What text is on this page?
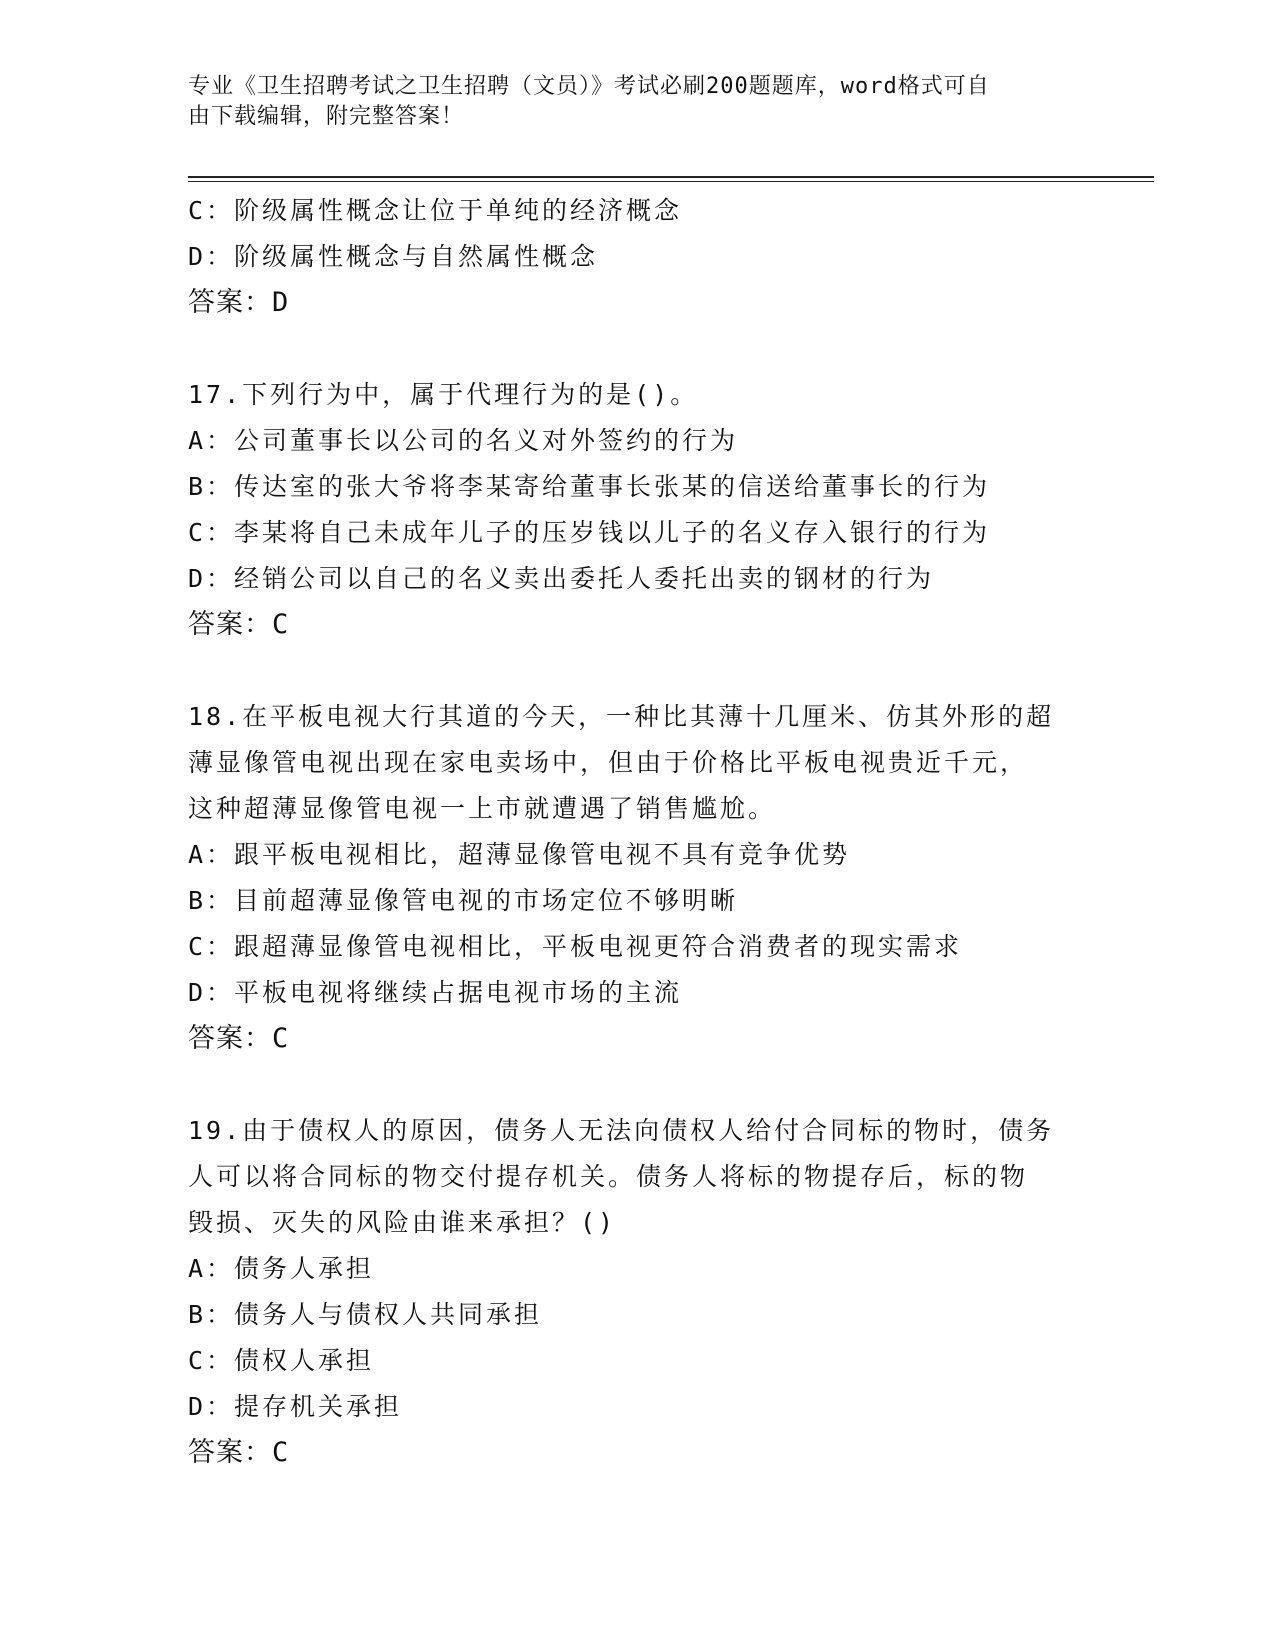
专业《卫生招聘考试之卫生招聘（文员）》考试必刷200题题库，word格式可自
由下载编辑，附完整答案！
C：阶级属性概念让位于单纯的经济概念
D：阶级属性概念与自然属性概念
答案：D
17.下列行为中，属于代理行为的是()。
A：公司董事长以公司的名义对外签约的行为
B：传达室的张大爷将李某寄给董事长张某的信送给董事长的行为
C：李某将自己未成年儿子的压岁钱以儿子的名义存入银行的行为
D：经销公司以自己的名义卖出委托人委托出卖的钢材的行为
答案：C
18.在平板电视大行其道的今天，一种比其薄十几厘米、仿其外形的超
薄显像管电视出现在家电卖场中，但由于价格比平板电视贵近千元，
这种超薄显像管电视一上市就遭遇了销售尴尬。
A：跟平板电视相比，超薄显像管电视不具有竞争优势
B：目前超薄显像管电视的市场定位不够明晰
C：跟超薄显像管电视相比，平板电视更符合消费者的现实需求
D：平板电视将继续占据电视市场的主流
答案：C
19.由于债权人的原因，债务人无法向债权人给付合同标的物时，债务
人可以将合同标的物交付提存机关。债务人将标的物提存后，标的物
毁损、灭失的风险由谁来承担？()
A：债务人承担
B：债务人与债权人共同承担
C：债权人承担
D：提存机关承担
答案：C
